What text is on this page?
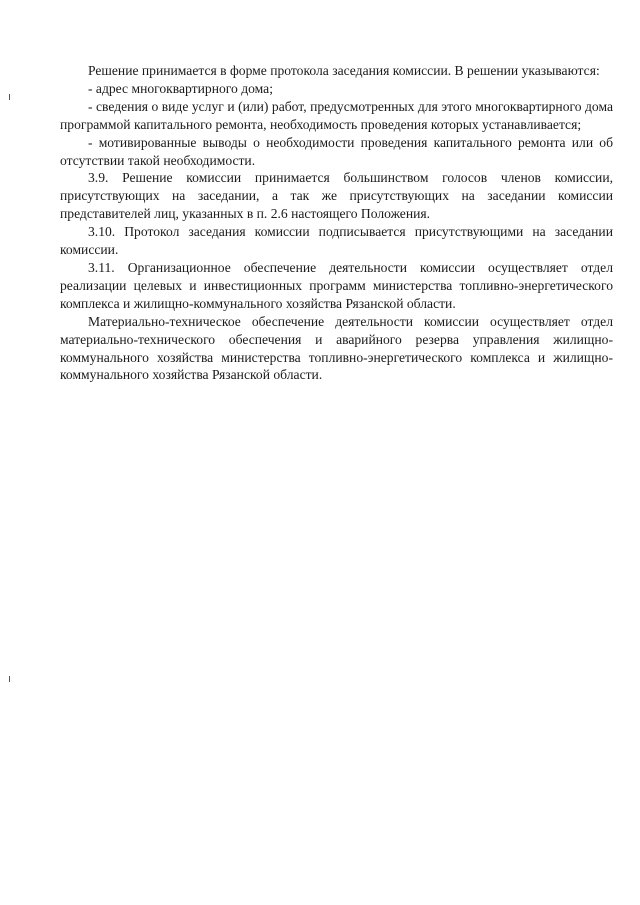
Решение принимается в форме протокола заседания комиссии. В решении указываются:

- адрес многоквартирного дома;

- сведения о виде услуг и (или) работ, предусмотренных для этого многоквартирного дома программой капитального ремонта, необходимость проведения которых устанавливается;

- мотивированные выводы о необходимости проведения капитального ремонта или об отсутствии такой необходимости.

3.9. Решение комиссии принимается большинством голосов членов комиссии, присутствующих на заседании, а так же присутствующих на заседании комиссии представителей лиц, указанных в п. 2.6 настоящего Положения.

3.10. Протокол заседания комиссии подписывается присутствующими на заседании комиссии.

3.11. Организационное обеспечение деятельности комиссии осуществляет отдел реализации целевых и инвестиционных программ министерства топливно-энергетического комплекса и жилищно-коммунального хозяйства Рязанской области.

Материально-техническое обеспечение деятельности комиссии осуществляет отдел материально-технического обеспечения и аварийного резерва управления жилищно-коммунального хозяйства министерства топливно-энергетического комплекса и жилищно-коммунального хозяйства Рязанской области.
